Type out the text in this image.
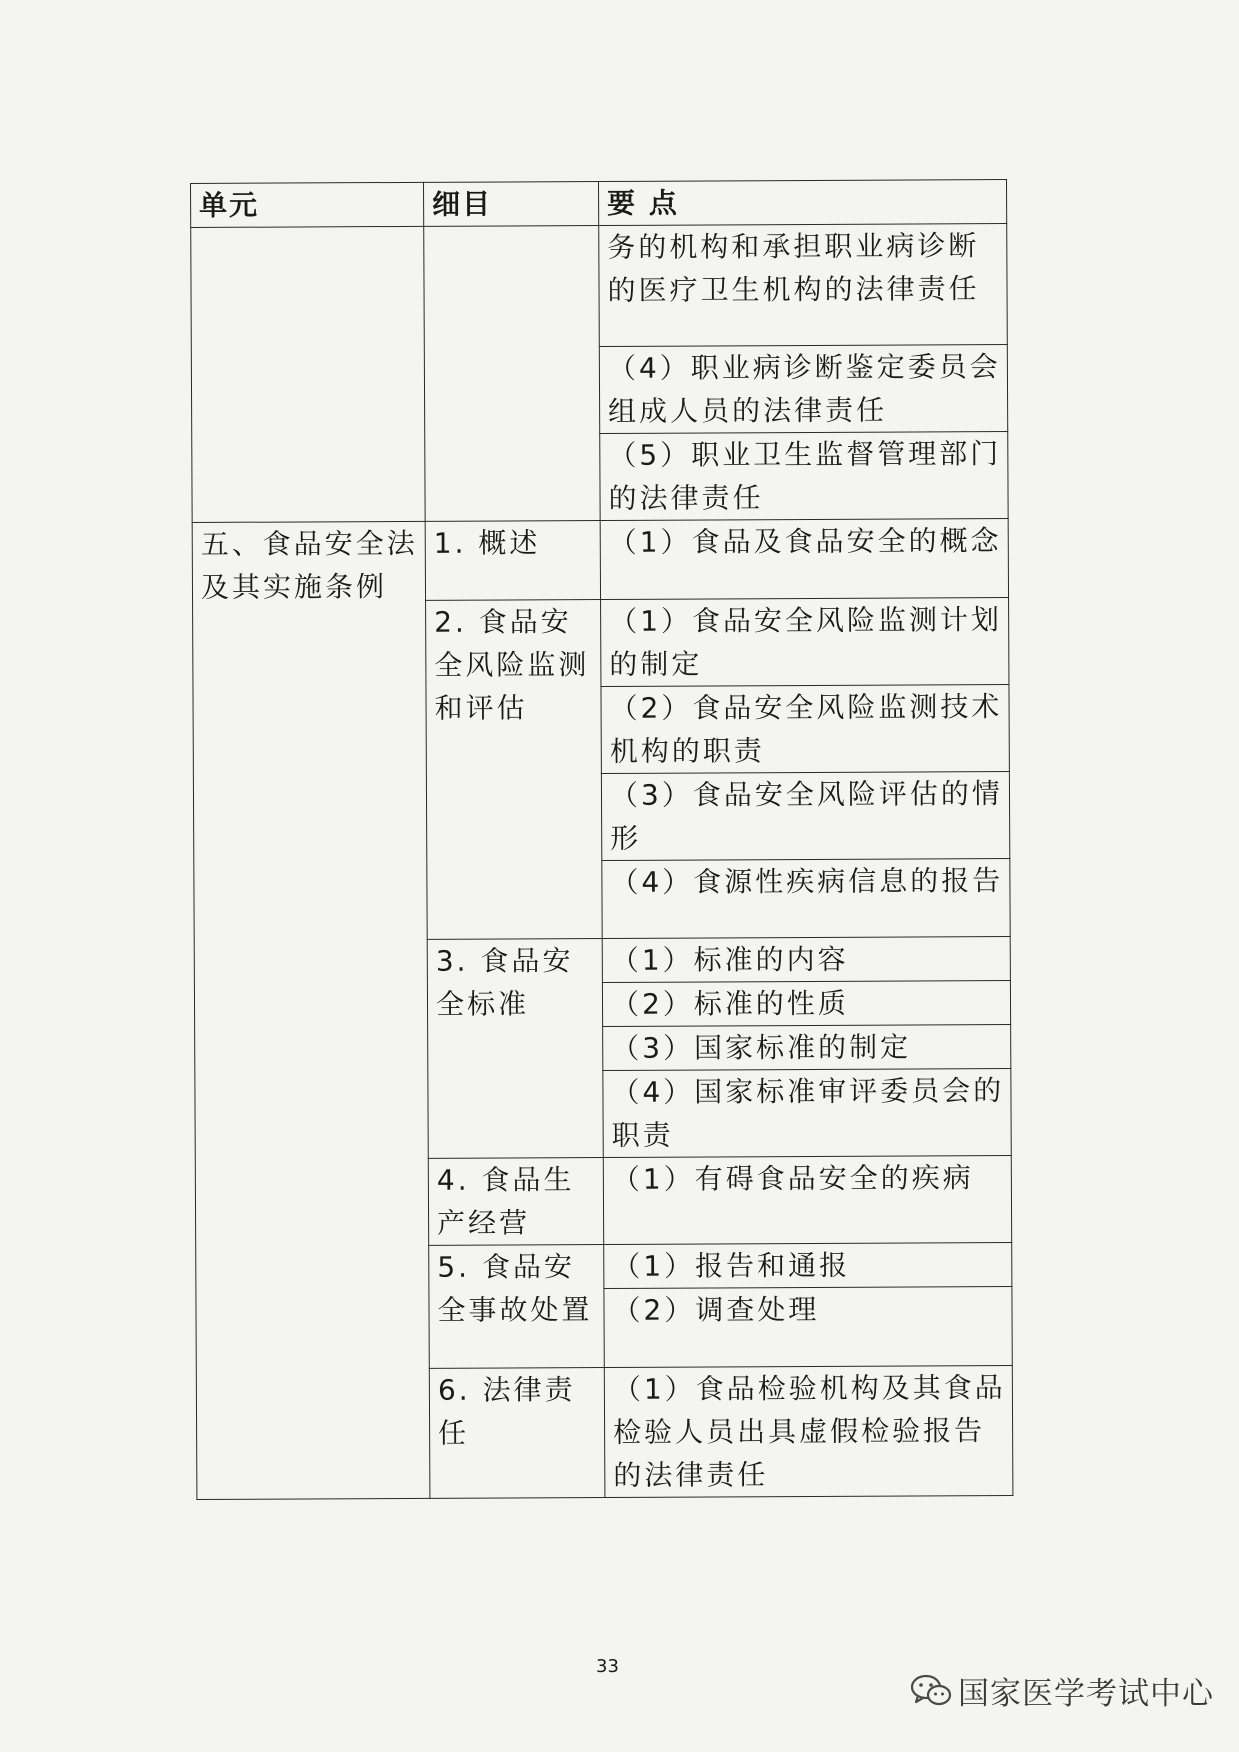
单元	细目	要 点
		务的机构和承担职业病诊断的医疗卫生机构的法律责任
		（4）职业病诊断鉴定委员会组成人员的法律责任
		（5）职业卫生监督管理部门的法律责任
五、食品安全法及其实施条例	1. 概述	（1）食品及食品安全的概念
	2. 食品安全风险监测和评估	（1）食品安全风险监测计划的制定
		（2）食品安全风险监测技术机构的职责
		（3）食品安全风险评估的情形
		（4）食源性疾病信息的报告
	3. 食品安全标准	（1）标准的内容
		（2）标准的性质
		（3）国家标准的制定
		（4）国家标准审评委员会的职责
	4. 食品生产经营	（1）有碍食品安全的疾病
	5. 食品安全事故处置	（1）报告和通报
		（2）调查处理
	6. 法律责任	（1）食品检验机构及其食品检验人员出具虚假检验报告的法律责任
33
国家医学考试中心
